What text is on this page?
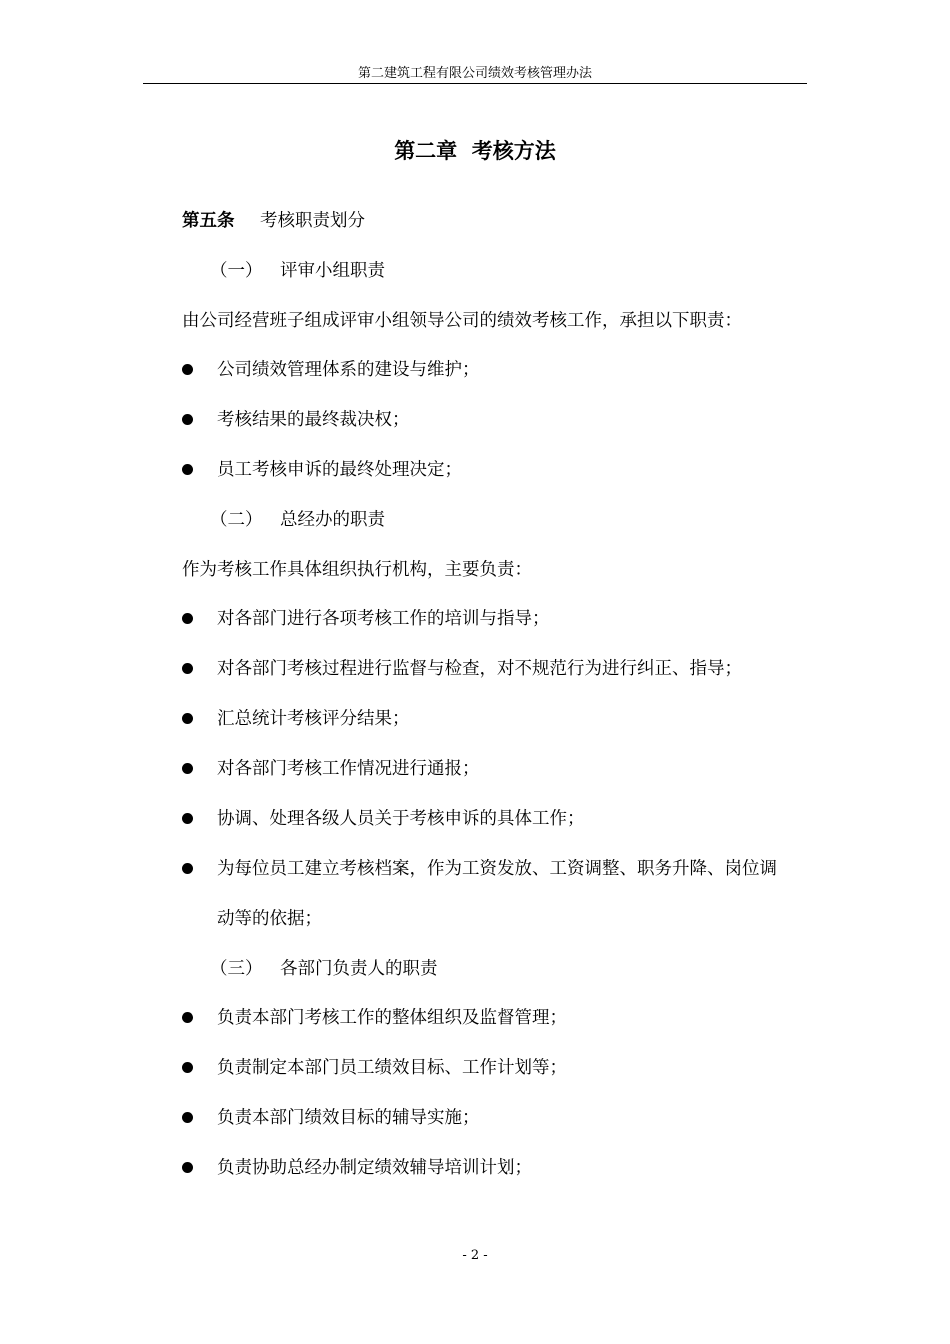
第二建筑工程有限公司绩效考核管理办法
第二章  考核方法
第五条 考核职责划分
（一） 评审小组职责
由公司经营班子组成评审小组领导公司的绩效考核工作，承担以下职责：
公司绩效管理体系的建设与维护；
考核结果的最终裁决权；
员工考核申诉的最终处理决定；
（二） 总经办的职责
作为考核工作具体组织执行机构，主要负责：
对各部门进行各项考核工作的培训与指导；
对各部门考核过程进行监督与检查，对不规范行为进行纠正、指导；
汇总统计考核评分结果；
对各部门考核工作情况进行通报；
协调、处理各级人员关于考核申诉的具体工作；
为每位员工建立考核档案，作为工资发放、工资调整、职务升降、岗位调
动等的依据；
（三） 各部门负责人的职责
负责本部门考核工作的整体组织及监督管理；
负责制定本部门员工绩效目标、工作计划等；
负责本部门绩效目标的辅导实施；
负责协助总经办制定绩效辅导培训计划；
- 2 -
